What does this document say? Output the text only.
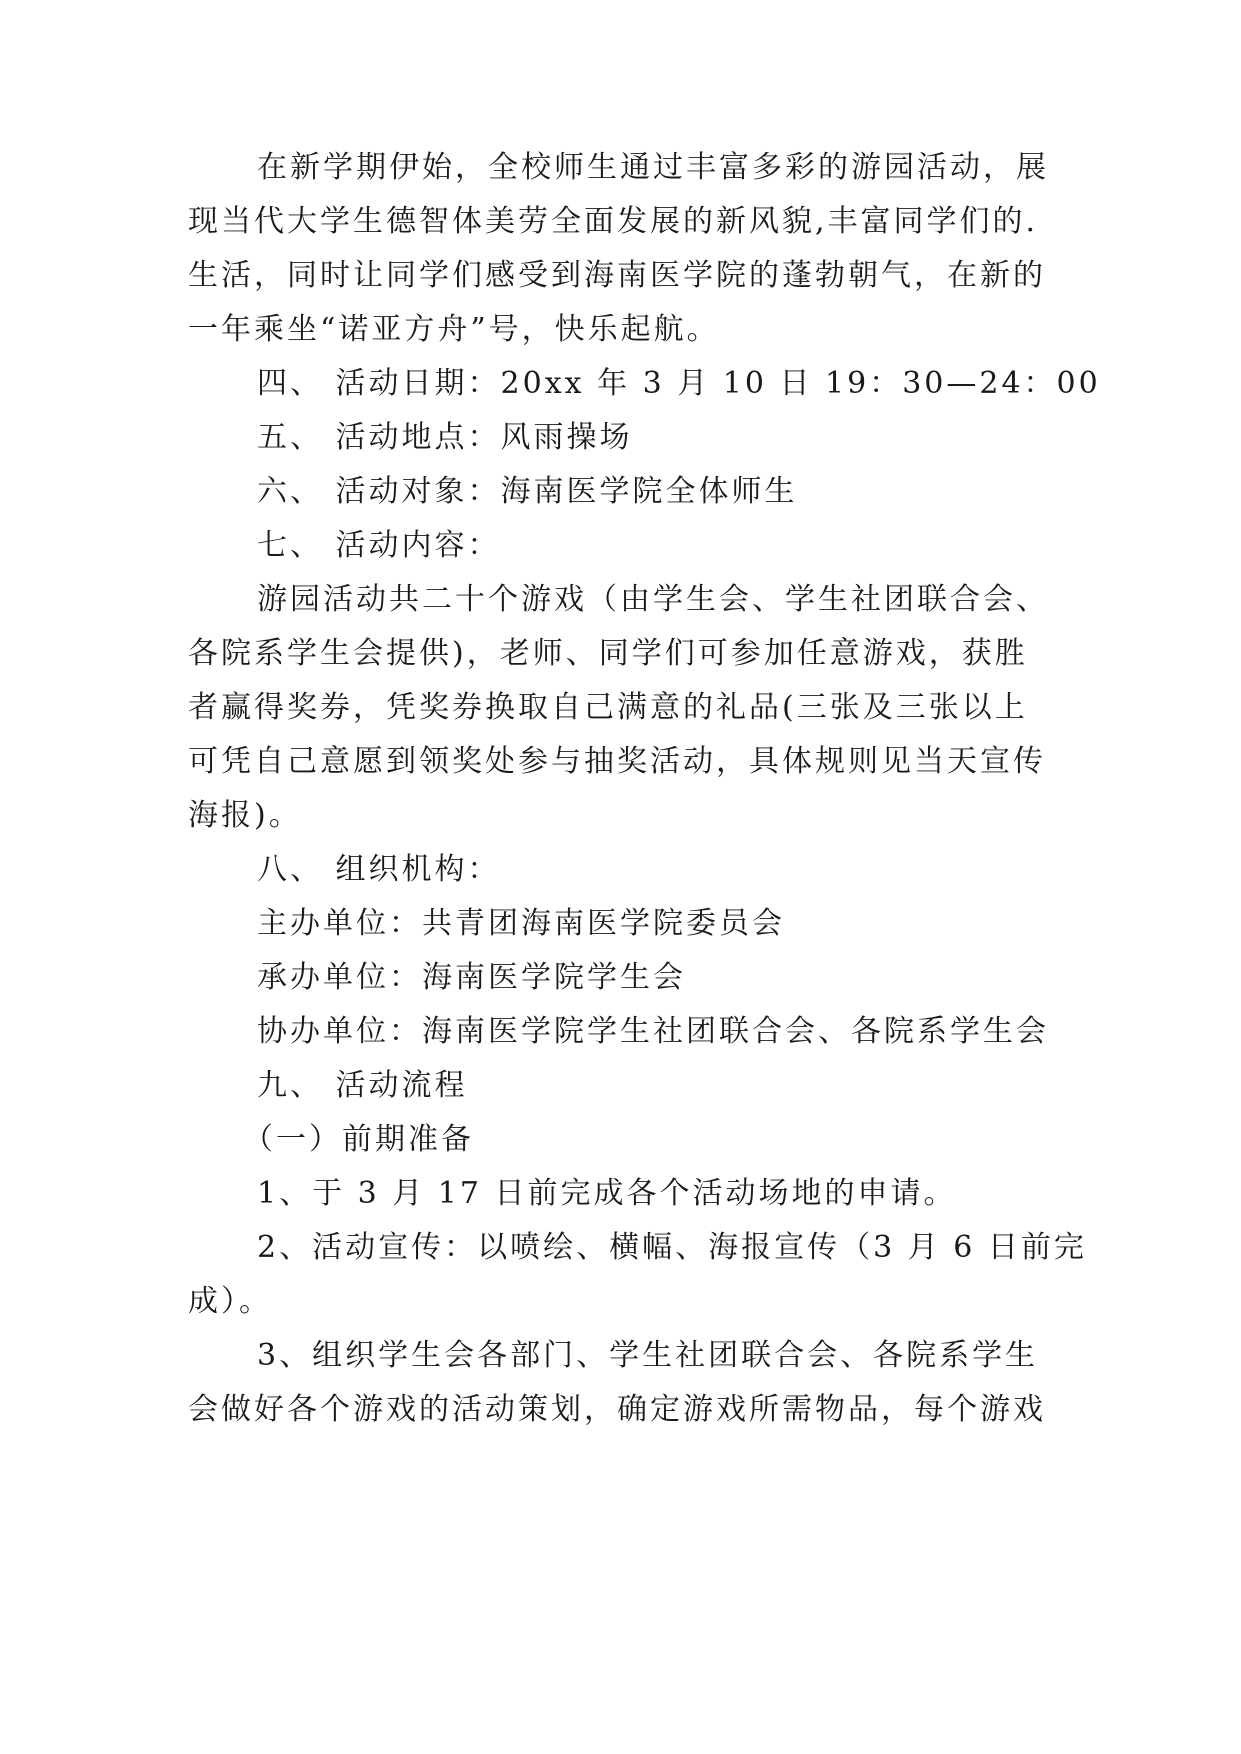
在新学期伊始，全校师生通过丰富多彩的游园活动，展
现当代大学生德智体美劳全面发展的新风貌,丰富同学们的.
生活，同时让同学们感受到海南医学院的蓬勃朝气，在新的
一年乘坐“诺亚方舟”号，快乐起航。
四、 活动日期：20xx 年 3 月 10 日 19：30—24：00
五、 活动地点：风雨操场
六、 活动对象：海南医学院全体师生
七、 活动内容：
游园活动共二十个游戏（由学生会、学生社团联合会、
各院系学生会提供)，老师、同学们可参加任意游戏，获胜
者赢得奖券，凭奖券换取自己满意的礼品(三张及三张以上
可凭自己意愿到领奖处参与抽奖活动，具体规则见当天宣传
海报)。
八、 组织机构：
主办单位：共青团海南医学院委员会
承办单位：海南医学院学生会
协办单位：海南医学院学生社团联合会、各院系学生会
九、 活动流程
（一）前期准备
1、于 3 月 17 日前完成各个活动场地的申请。
2、活动宣传：以喷绘、横幅、海报宣传（3 月 6 日前完
成）。
3、组织学生会各部门、学生社团联合会、各院系学生
会做好各个游戏的活动策划，确定游戏所需物品，每个游戏
